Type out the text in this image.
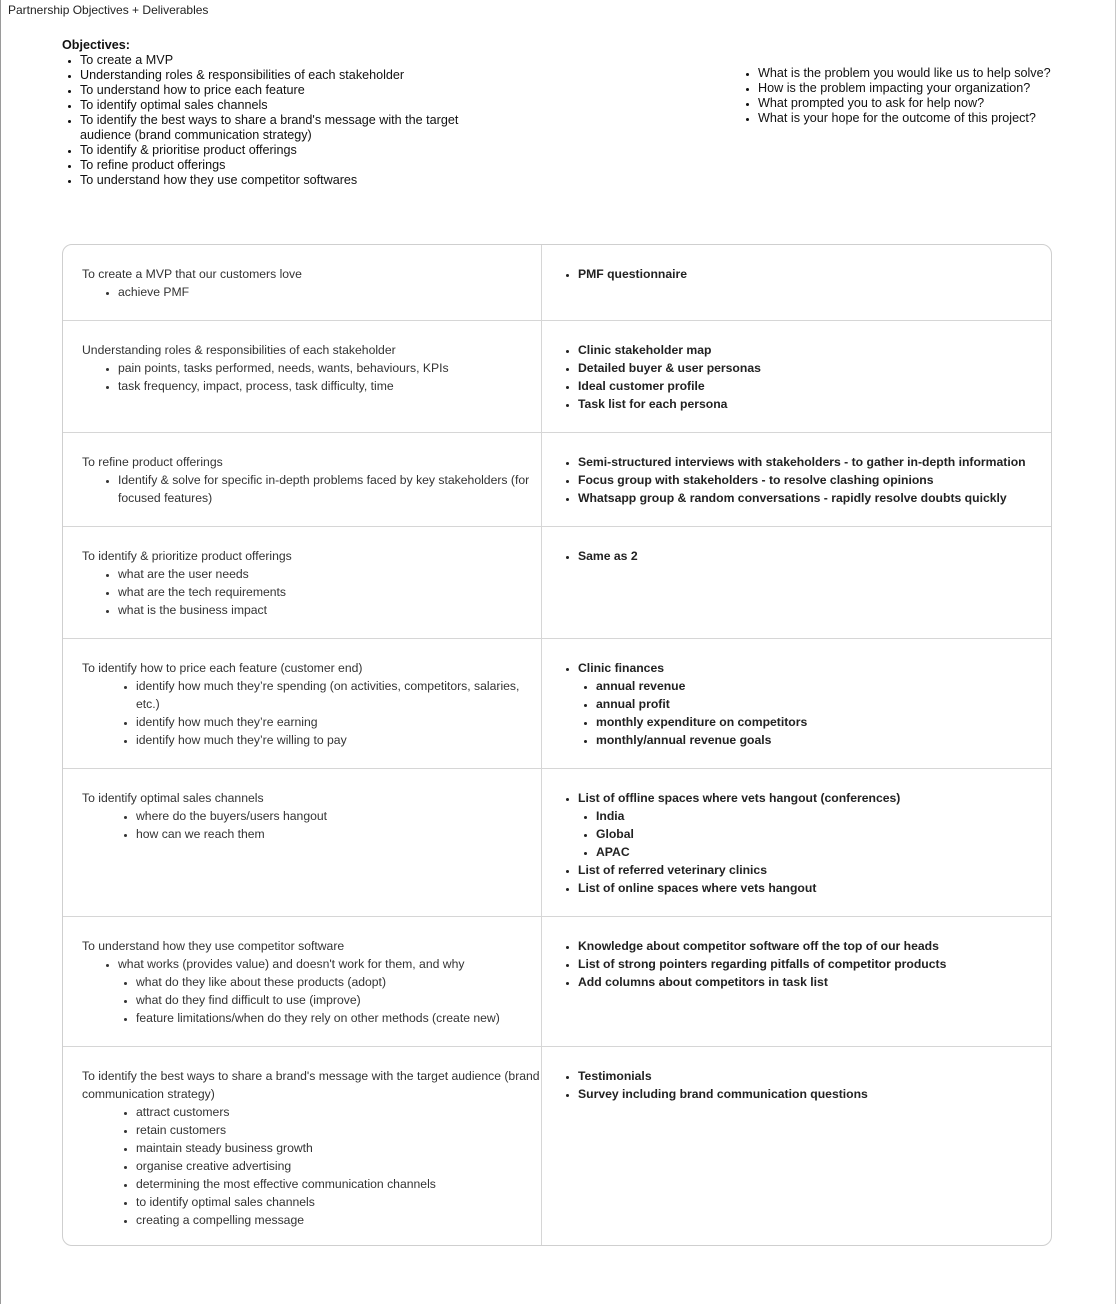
Partnership Objectives + Deliverables

Objectives:

• To create a MVP
• Understanding roles & responsibilities of each stakeholder
• To understand how to price each feature
• To identify optimal sales channels
• To identify the best ways to share a brand's message with the target audience (brand communication strategy)
• To identify & prioritise product offerings
• To refine product offerings
• To understand how they use competitor softwares
• What is the problem you would like us to help solve?
• How is the problem impacting your organization?
• What prompted you to ask for help now?
• What is your hope for the outcome of this project?
To create a MVP that our customers love
• achieve PMF
• PMF questionnaire
Understanding roles & responsibilities of each stakeholder
• pain points, tasks performed, needs, wants, behaviours, KPIs
• task frequency, impact, process, task difficulty, time
• Clinic stakeholder map
• Detailed buyer & user personas
• Ideal customer profile
• Task list for each persona
To refine product offerings
• Identify & solve for specific in-depth problems faced by key stakeholders (for focused features)
• Semi-structured interviews with stakeholders - to gather in-depth information
• Focus group with stakeholders - to resolve clashing opinions
• Whatsapp group & random conversations - rapidly resolve doubts quickly
To identify & prioritize product offerings
• what are the user needs
• what are the tech requirements
• what is the business impact
• Same as 2
To identify how to price each feature (customer end)
• identify how much they’re spending (on activities, competitors, salaries, etc.)
• identify how much they’re earning
• identify how much they’re willing to pay
• Clinic finances
• annual revenue
• annual profit
• monthly expenditure on competitors
• monthly/annual revenue goals
To identify optimal sales channels
• where do the buyers/users hangout
• how can we reach them
• List of offline spaces where vets hangout (conferences)
• India
• Global
• APAC
• List of referred veterinary clinics
• List of online spaces where vets hangout
To understand how they use competitor software
• what works (provides value) and doesn't work for them, and why
• what do they like about these products (adopt)
• what do they find difficult to use (improve)
• feature limitations/when do they rely on other methods (create new)
• Knowledge about competitor software off the top of our heads
• List of strong pointers regarding pitfalls of competitor products
• Add columns about competitors in task list
To identify the best ways to share a brand's message with the target audience (brand communication strategy)
• attract customers
• retain customers
• maintain steady business growth
• organise creative advertising
• determining the most effective communication channels
• to identify optimal sales channels
• creating a compelling message
• Testimonials
• Survey including brand communication questions
